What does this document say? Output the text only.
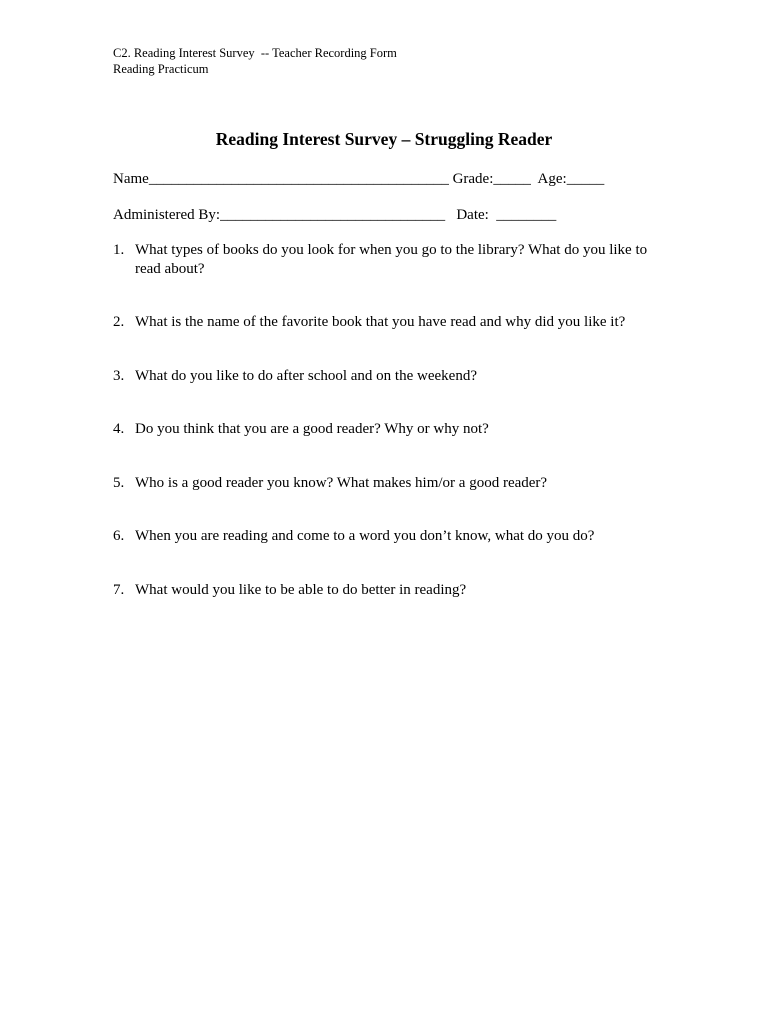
C2. Reading Interest Survey  -- Teacher Recording Form
Reading Practicum
Reading Interest Survey – Struggling Reader
Name________________________________________ Grade:_____  Age:_____
Administered By:______________________________   Date:  ________
1. What types of books do you look for when you go to the library? What do you like to read about?
2. What is the name of the favorite book that you have read and why did you like it?
3. What do you like to do after school and on the weekend?
4. Do you think that you are a good reader? Why or why not?
5. Who is a good reader you know? What makes him/or a good reader?
6. When you are reading and come to a word you don’t know, what do you do?
7. What would you like to be able to do better in reading?
